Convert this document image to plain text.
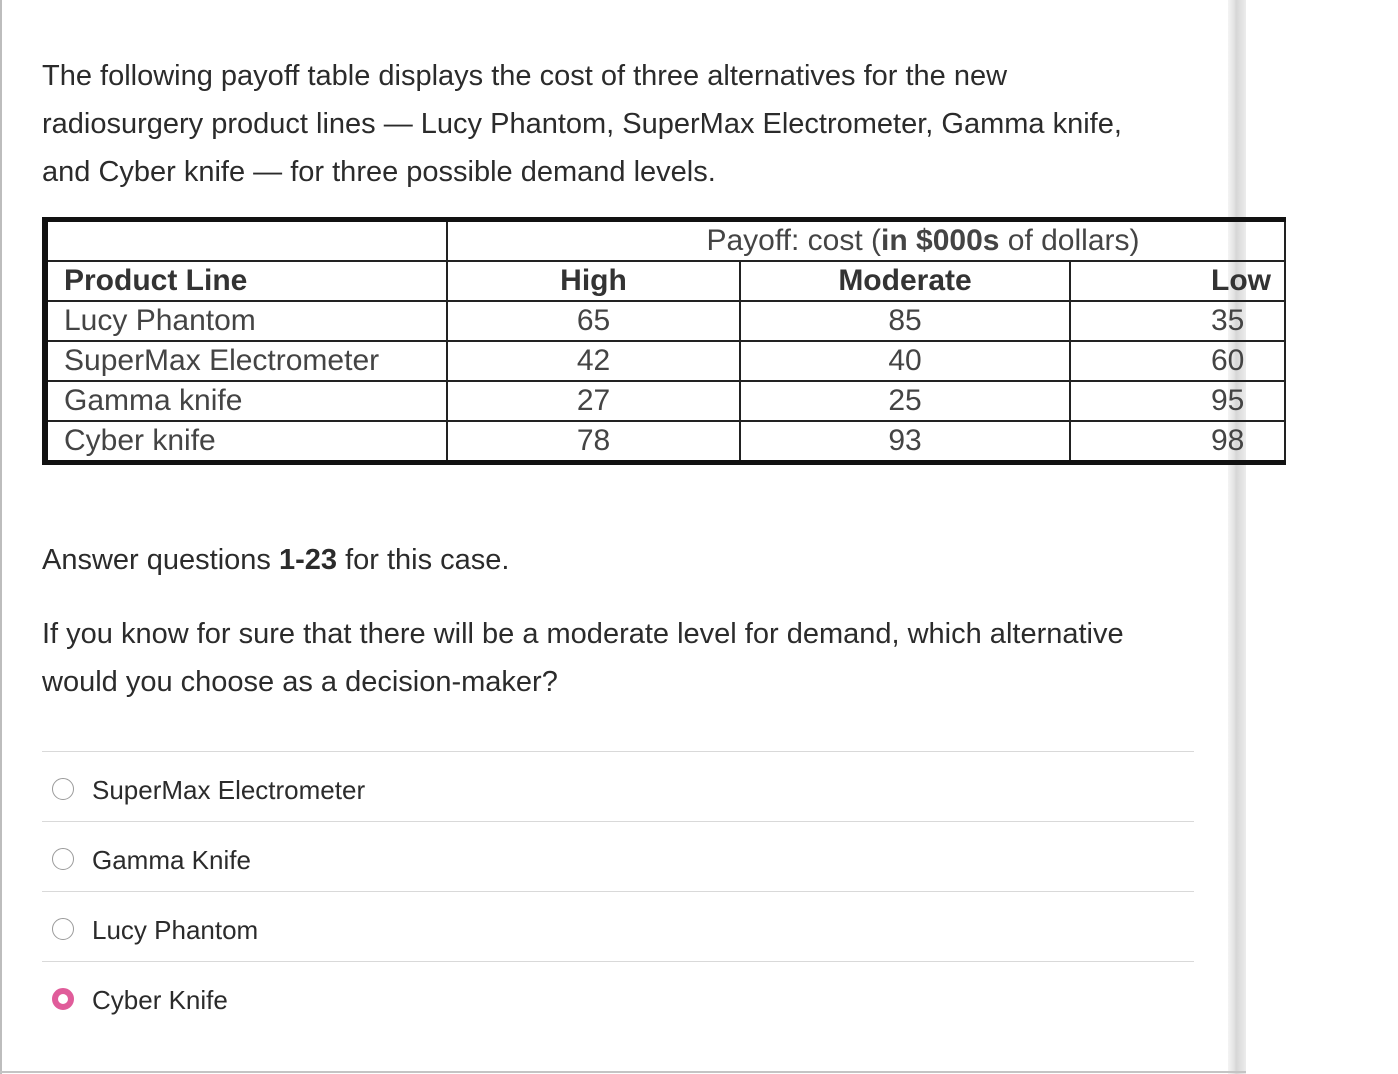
The following payoff table displays the cost of three alternatives for the new radiosurgery product lines — Lucy Phantom, SuperMax Electrometer, Gamma knife, and Cyber knife — for three possible demand levels.

	Payoff: cost (in $000s of dollars)		
Product Line	High	Moderate	Low
Lucy Phantom	65	85	35
SuperMax Electrometer	42	40	60
Gamma knife	27	25	95
Cyber knife	78	93	98

Answer questions 1-23 for this case.

If you know for sure that there will be a moderate level for demand, which alternative would you choose as a decision-maker?

SuperMax Electrometer
Gamma Knife
Lucy Phantom
Cyber Knife
